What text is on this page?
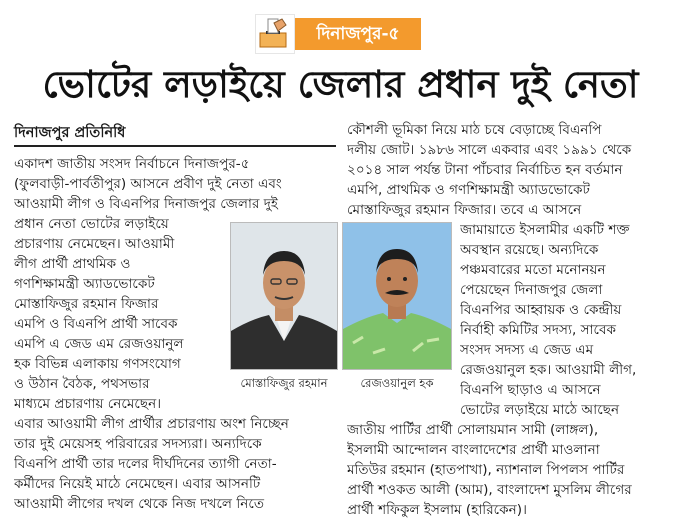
দিনাজপুর-৫
ভোটের লড়াইয়ে জেলার প্রধান দুই নেতা
দিনাজপুর প্রতিনিধি
একাদশ জাতীয় সংসদ নির্বাচনে দিনাজপুর-৫
(ফুলবাড়ী-পার্বতীপুর) আসনে প্রবীণ দুই নেতা এবং
আওয়ামী লীগ ও বিএনপির দিনাজপুর জেলার দুই
প্রধান নেতা ভোটের লড়াইয়ে
প্রচারণায় নেমেছেন। আওয়ামী
লীগ প্রার্থী প্রাথমিক ও
গণশিক্ষামন্ত্রী অ্যাডভোকেট
মোস্তাফিজুর রহমান ফিজার
এমপি ও বিএনপি প্রার্থী সাবেক
এমপি এ জেড এম রেজওয়ানুল
হক বিভিন্ন এলাকায় গণসংযোগ
ও উঠান বৈঠক, পথসভার
মাধ্যমে প্রচারণায় নেমেছেন।
এবার আওয়ামী লীগ প্রার্থীর প্রচারণায় অংশ নিচ্ছেন
তার দুই মেয়েসহ পরিবারের সদস্যরা। অন্যদিকে
বিএনপি প্রার্থী তার দলের দীর্ঘদিনের ত্যাগী নেতা-
কর্মীদের নিয়েই মাঠে নেমেছেন। এবার আসনটি
আওয়ামী লীগের দখল থেকে নিজ দখলে নিতে
কৌশলী ভূমিকা নিয়ে মাঠ চষে বেড়াচ্ছে বিএনপি
দলীয় জোট। ১৯৮৬ সালে একবার এবং ১৯৯১ থেকে
২০১৪ সাল পর্যন্ত টানা পাঁচবার নির্বাচিত হন বর্তমান
এমপি, প্রাথমিক ও গণশিক্ষামন্ত্রী অ্যাডভোকেট
মোস্তাফিজুর রহমান ফিজার। তবে এ আসনে
জামায়াতে ইসলামীর একটি শক্ত
অবস্থান রয়েছে। অন্যদিকে
পঞ্চমবারের মতো মনোনয়ন
পেয়েছেন দিনাজপুর জেলা
বিএনপির আহ্বায়ক ও কেন্দ্রীয়
নির্বাহী কমিটির সদস্য, সাবেক
সংসদ সদস্য এ জেড এম
রেজওয়ানুল হক। আওয়ামী লীগ,
বিএনপি ছাড়াও এ আসনে
ভোটের লড়াইয়ে মাঠে আছেন
জাতীয় পার্টির প্রার্থী সোলায়মান সামী (লাঙ্গল),
ইসলামী আন্দোলন বাংলাদেশের প্রার্থী মাওলানা
মতিউর রহমান (হাতপাখা), ন্যাশনাল পিপলস পার্টির
প্রার্থী শওকত আলী (আম), বাংলাদেশ মুসলিম লীগের
প্রার্থী শফিকুল ইসলাম (হারিকেন)।
মোস্তাফিজুর রহমান	রেজওয়ানুল হক
